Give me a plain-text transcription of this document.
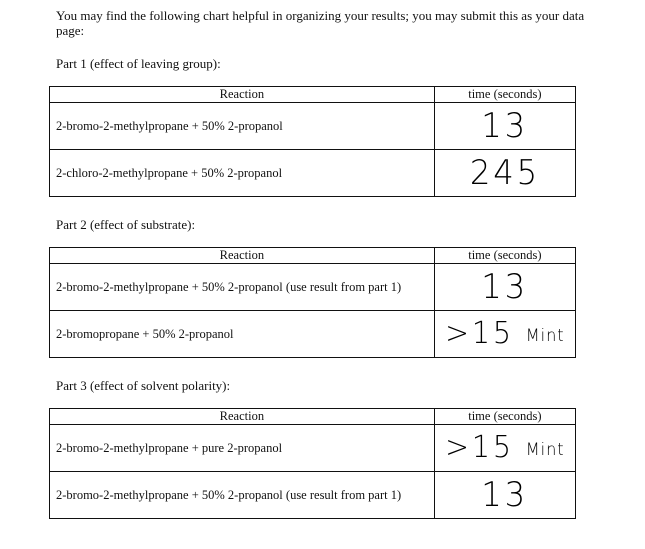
You may find the following chart helpful in organizing your results; you may submit this as your data page:

Part 1 (effect of leaving group):

Reaction	time (seconds)
2-bromo-2-methylpropane + 50% 2-propanol	13
2-chloro-2-methylpropane + 50% 2-propanol	245

Part 2 (effect of substrate):

Reaction	time (seconds)
2-bromo-2-methylpropane + 50% 2-propanol (use result from part 1)	13
2-bromopropane + 50% 2-propanol	>15 Mint

Part 3 (effect of solvent polarity):

Reaction	time (seconds)
2-bromo-2-methylpropane + pure 2-propanol	>15 Mint
2-bromo-2-methylpropane + 50% 2-propanol (use result from part 1)	13
